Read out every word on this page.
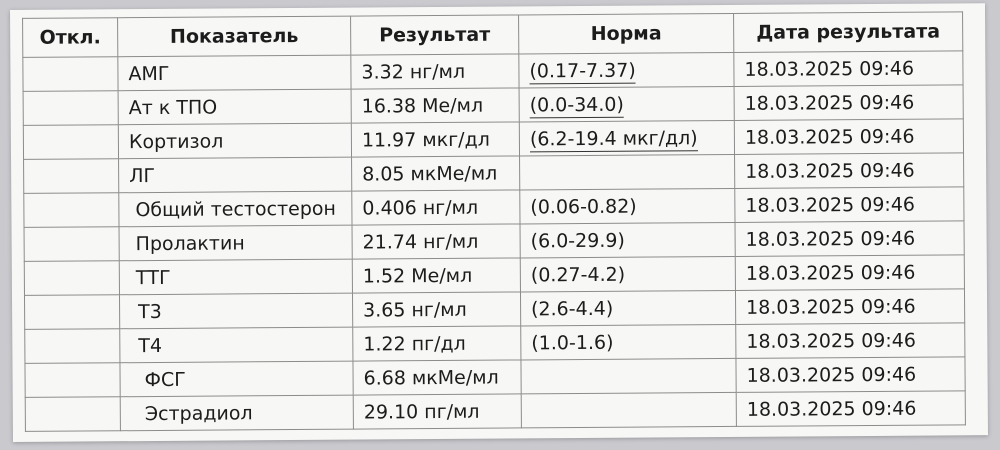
Откл.	Показатель	Результат	Норма	Дата результата
	АМГ	3.32 нг/мл	(0.17-7.37)	18.03.2025 09:46
	Ат к ТПО	16.38 Ме/мл	(0.0-34.0)	18.03.2025 09:46
	Кортизол	11.97 мкг/дл	(6.2-19.4 мкг/дл)	18.03.2025 09:46
	ЛГ	8.05 мкМе/мл		18.03.2025 09:46
	Общий тестостерон	0.406 нг/мл	(0.06-0.82)	18.03.2025 09:46
	Пролактин	21.74 нг/мл	(6.0-29.9)	18.03.2025 09:46
	ТТГ	1.52 Ме/мл	(0.27-4.2)	18.03.2025 09:46
	Т3	3.65 нг/мл	(2.6-4.4)	18.03.2025 09:46
	Т4	1.22 пг/дл	(1.0-1.6)	18.03.2025 09:46
	ФСГ	6.68 мкМе/мл		18.03.2025 09:46
	Эстрадиол	29.10 пг/мл		18.03.2025 09:46
